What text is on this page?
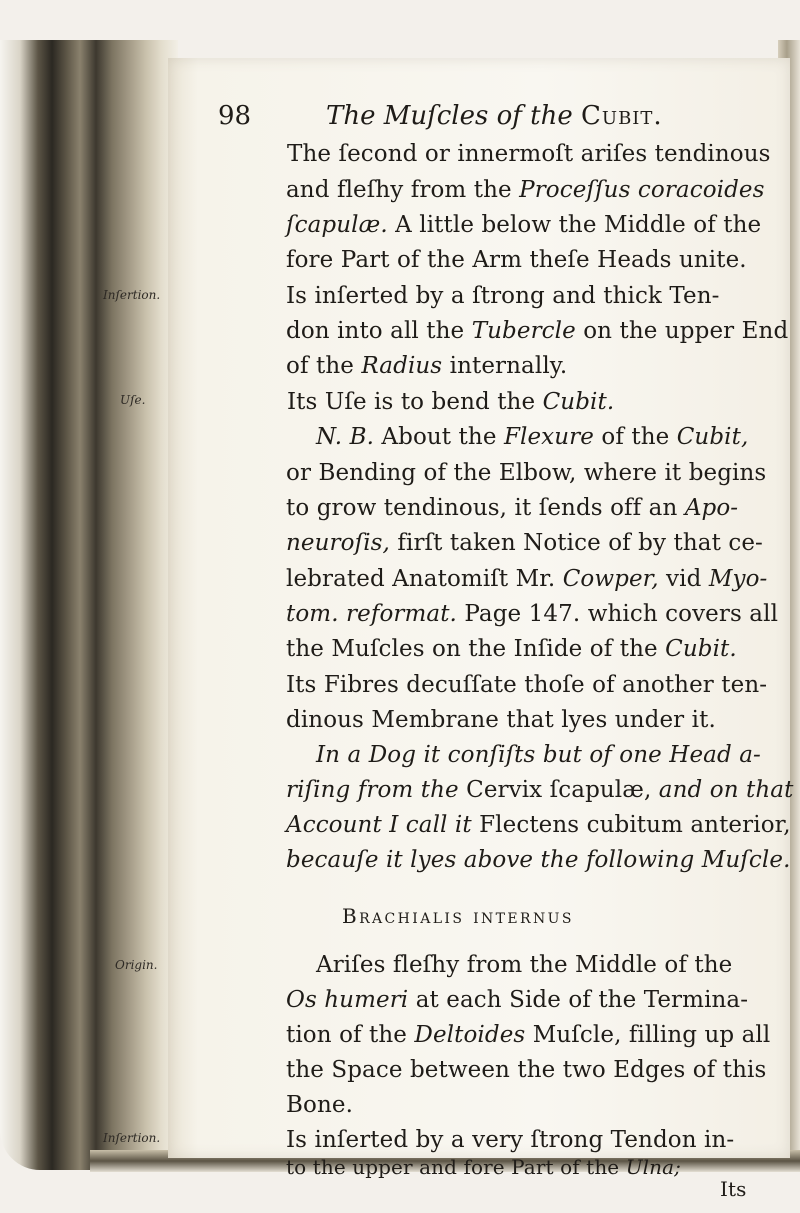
98	The Muſcles of the Cubit.
The ſecond or innermoſt ariſes tendinous
and fleſhy from the Proceſſus coracoides
ſcapulæ. A little below the Middle of the
fore Part of the Arm theſe Heads unite.
Inſertion.	Is inſerted by a ſtrong and thick Ten-
don into all the Tubercle on the upper End
of the Radius internally.
Uſe.	Its Uſe is to bend the Cubit.
N. B. About the Flexure of the Cubit,
or Bending of the Elbow, where it begins
to grow tendinous, it ſends off an Apo-
neuroſis, firſt taken Notice of by that ce-
lebrated Anatomiſt Mr. Cowper, vid Myo-
tom. reformat. Page 147. which covers all
the Muſcles on the Inſide of the Cubit.
Its Fibres decuſſate thoſe of another ten-
dinous Membrane that lyes under it.
In a Dog it conſiſts but of one Head a-
riſing from the Cervix ſcapulæ, and on that
Account I call it Flectens cubitum anterior,
becauſe it lyes above the following Muſcle.
Brachialis internus
Origin.	Ariſes fleſhy from the Middle of the
Os humeri at each Side of the Termina-
tion of the Deltoides Muſcle, filling up all
the Space between the two Edges of this
Bone.
Inſertion.	Is inſerted by a very ſtrong Tendon in-
to the upper and fore Part of the Ulna;
Its
